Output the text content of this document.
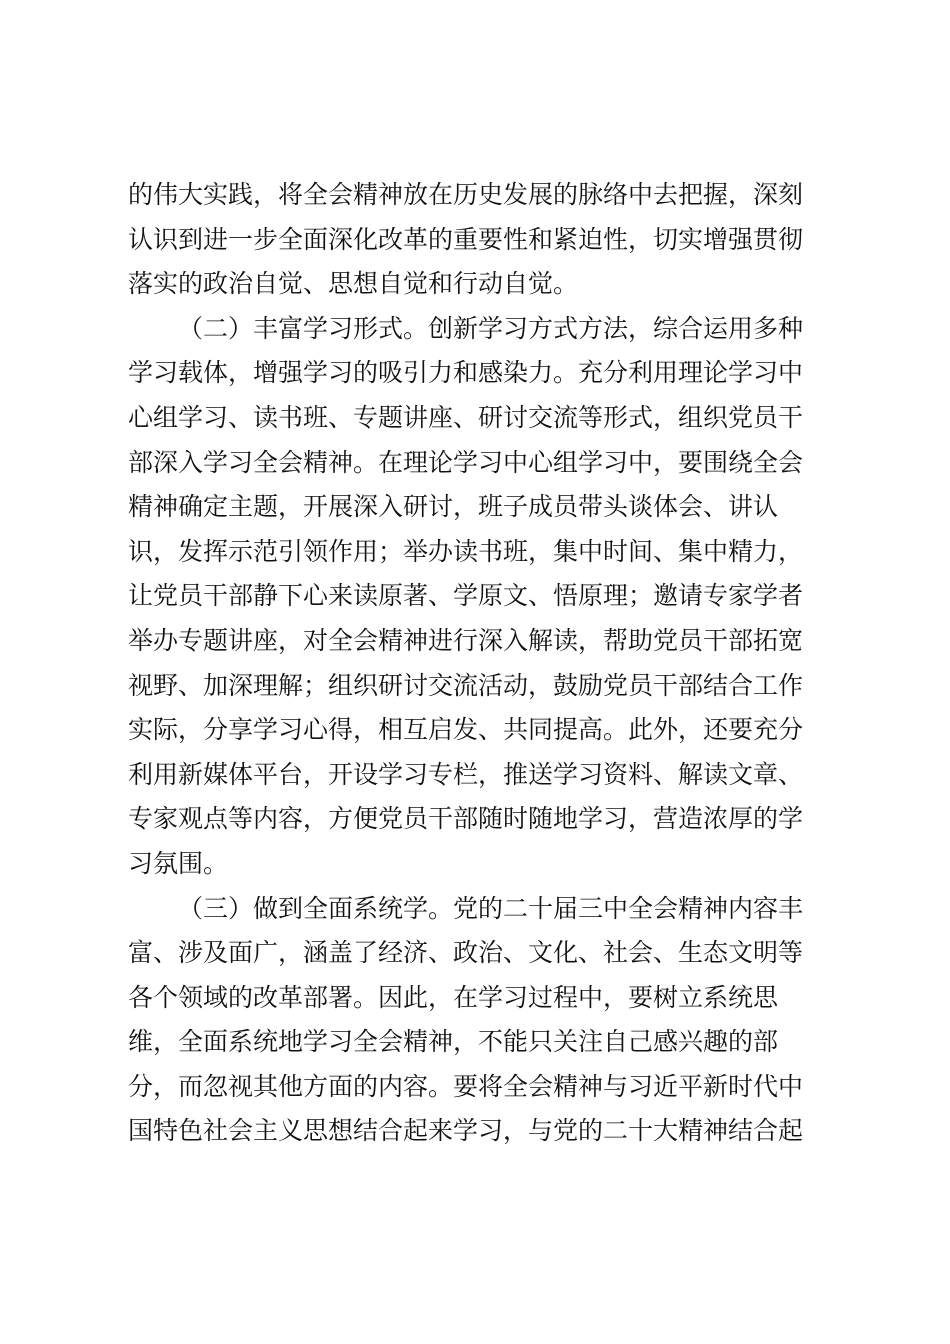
的伟大实践，将全会精神放在历史发展的脉络中去把握，深刻
认识到进一步全面深化改革的重要性和紧迫性，切实增强贯彻
落实的政治自觉、思想自觉和行动自觉。
（二）丰富学习形式。创新学习方式方法，综合运用多种
学习载体，增强学习的吸引力和感染力。充分利用理论学习中
心组学习、读书班、专题讲座、研讨交流等形式，组织党员干
部深入学习全会精神。在理论学习中心组学习中，要围绕全会
精神确定主题，开展深入研讨，班子成员带头谈体会、讲认
识，发挥示范引领作用；举办读书班，集中时间、集中精力，
让党员干部静下心来读原著、学原文、悟原理；邀请专家学者
举办专题讲座，对全会精神进行深入解读，帮助党员干部拓宽
视野、加深理解；组织研讨交流活动，鼓励党员干部结合工作
实际，分享学习心得，相互启发、共同提高。此外，还要充分
利用新媒体平台，开设学习专栏，推送学习资料、解读文章、
专家观点等内容，方便党员干部随时随地学习，营造浓厚的学
习氛围。
（三）做到全面系统学。党的二十届三中全会精神内容丰
富、涉及面广，涵盖了经济、政治、文化、社会、生态文明等
各个领域的改革部署。因此，在学习过程中，要树立系统思
维，全面系统地学习全会精神，不能只关注自己感兴趣的部
分，而忽视其他方面的内容。要将全会精神与习近平新时代中
国特色社会主义思想结合起来学习，与党的二十大精神结合起
